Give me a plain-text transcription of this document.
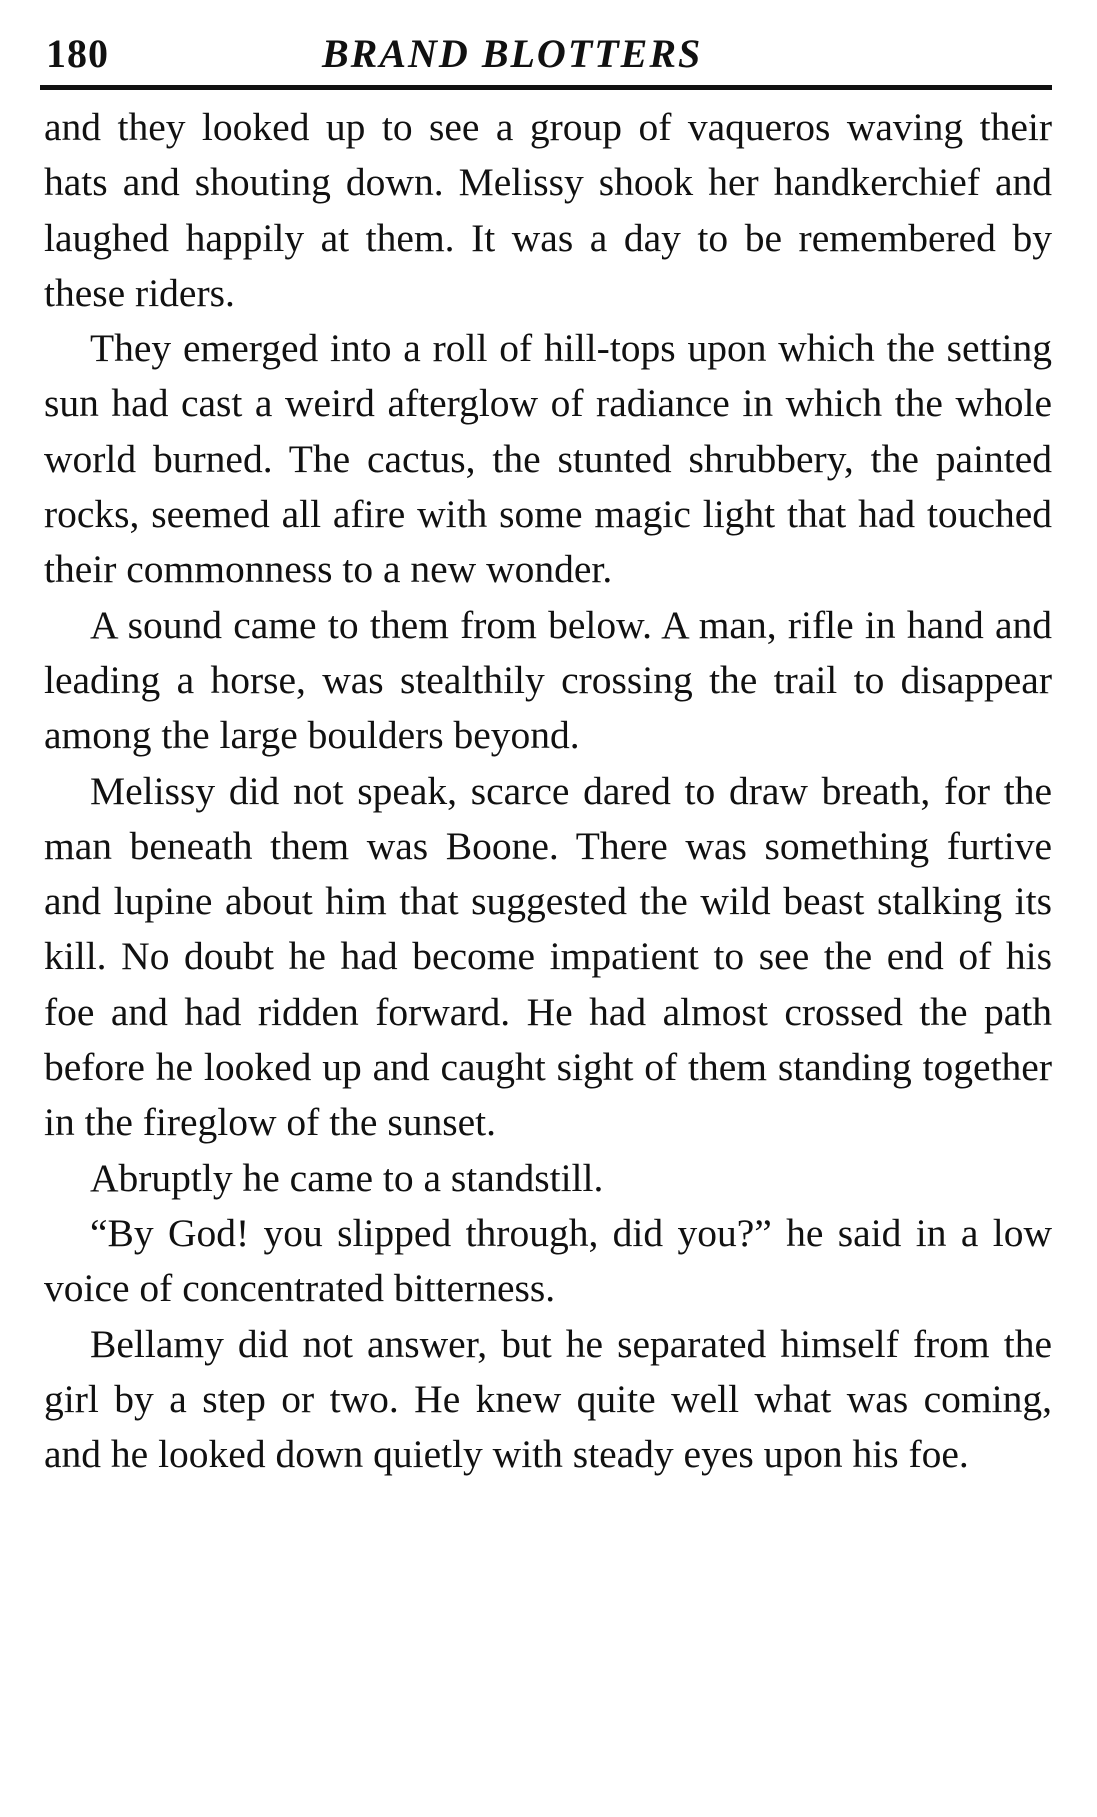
180	BRAND BLOTTERS

and they looked up to see a group of vaqueros waving their hats and shouting down. Melissy shook her handkerchief and laughed happily at them. It was a day to be remembered by these riders.

They emerged into a roll of hill-tops upon which the setting sun had cast a weird afterglow of radiance in which the whole world burned. The cactus, the stunted shrubbery, the painted rocks, seemed all afire with some magic light that had touched their commonness to a new wonder.

A sound came to them from below. A man, rifle in hand and leading a horse, was stealthily crossing the trail to disappear among the large boulders beyond.

Melissy did not speak, scarce dared to draw breath, for the man beneath them was Boone. There was something furtive and lupine about him that suggested the wild beast stalking its kill. No doubt he had become impatient to see the end of his foe and had ridden forward. He had almost crossed the path before he looked up and caught sight of them standing together in the fireglow of the sunset.

Abruptly he came to a standstill.

“By God! you slipped through, did you?” he said in a low voice of concentrated bitterness.

Bellamy did not answer, but he separated himself from the girl by a step or two. He knew quite well what was coming, and he looked down quietly with steady eyes upon his foe.
